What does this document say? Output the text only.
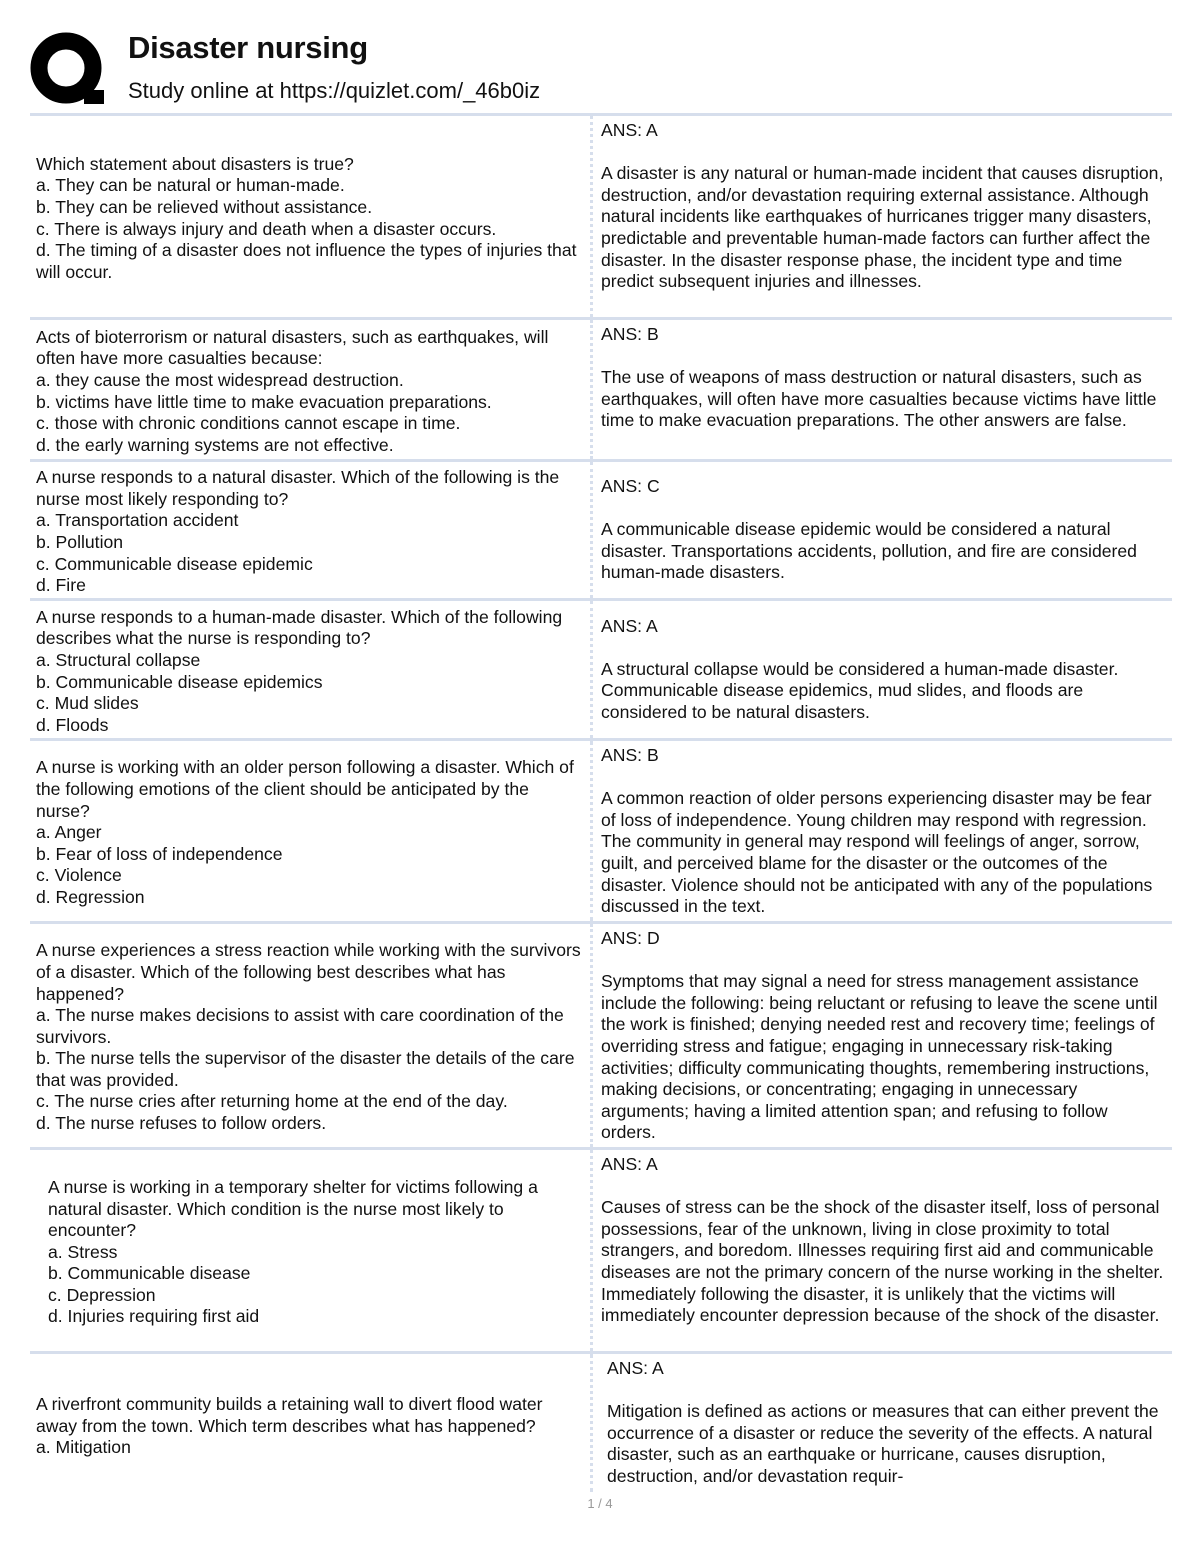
Disaster nursing
Study online at https://quizlet.com/_46b0iz
Which statement about disasters is true?
a. They can be natural or human-made.
b. They can be relieved without assistance.
c. There is always injury and death when a disaster occurs.
d. The timing of a disaster does not influence the types of injuries that will occur.
ANS: A
A disaster is any natural or human-made incident that causes disruption, destruction, and/or devastation requiring external assistance. Although natural incidents like earthquakes of hurricanes trigger many disasters, predictable and preventable human-made factors can further affect the disaster. In the disaster response phase, the incident type and time predict subsequent injuries and illnesses.
Acts of bioterrorism or natural disasters, such as earthquakes, will often have more casualties because:
a. they cause the most widespread destruction.
b. victims have little time to make evacuation preparations.
c. those with chronic conditions cannot escape in time.
d. the early warning systems are not effective.
ANS: B
The use of weapons of mass destruction or natural disasters, such as earthquakes, will often have more casualties because victims have little time to make evacuation preparations. The other answers are false.
A nurse responds to a natural disaster. Which of the following is the nurse most likely responding to?
a. Transportation accident
b. Pollution
c. Communicable disease epidemic
d. Fire
ANS: C
A communicable disease epidemic would be considered a natural disaster. Transportations accidents, pollution, and fire are considered human-made disasters.
A nurse responds to a human-made disaster. Which of the following describes what the nurse is responding to?
a. Structural collapse
b. Communicable disease epidemics
c. Mud slides
d. Floods
ANS: A
A structural collapse would be considered a human-made disaster. Communicable disease epidemics, mud slides, and floods are considered to be natural disasters.
A nurse is working with an older person following a disaster. Which of the following emotions of the client should be anticipated by the nurse?
a. Anger
b. Fear of loss of independence
c. Violence
d. Regression
ANS: B
A common reaction of older persons experiencing disaster may be fear of loss of independence. Young children may respond with regression. The community in general may respond will feelings of anger, sorrow, guilt, and perceived blame for the disaster or the outcomes of the disaster. Violence should not be anticipated with any of the populations discussed in the text.
A nurse experiences a stress reaction while working with the survivors of a disaster. Which of the following best describes what has happened?
a. The nurse makes decisions to assist with care coordination of the survivors.
b. The nurse tells the supervisor of the disaster the details of the care that was provided.
c. The nurse cries after returning home at the end of the day.
d. The nurse refuses to follow orders.
ANS: D
Symptoms that may signal a need for stress management assistance include the following: being reluctant or refusing to leave the scene until the work is finished; denying needed rest and recovery time; feelings of overriding stress and fatigue; engaging in unnecessary risk-taking activities; difficulty communicating thoughts, remembering instructions, making decisions, or concentrating; engaging in unnecessary arguments; having a limited attention span; and refusing to follow orders.
A nurse is working in a temporary shelter for victims following a natural disaster. Which condition is the nurse most likely to encounter?
a. Stress
b. Communicable disease
c. Depression
d. Injuries requiring first aid
ANS: A
Causes of stress can be the shock of the disaster itself, loss of personal possessions, fear of the unknown, living in close proximity to total strangers, and boredom. Illnesses requiring first aid and communicable diseases are not the primary concern of the nurse working in the shelter. Immediately following the disaster, it is unlikely that the victims will immediately encounter depression because of the shock of the disaster.
A riverfront community builds a retaining wall to divert flood water away from the town. Which term describes what has happened?
a. Mitigation
ANS: A
Mitigation is defined as actions or measures that can either prevent the occurrence of a disaster or reduce the severity of the effects. A natural disaster, such as an earthquake or hurricane, causes disruption, destruction, and/or devastation requir-
1 / 4
